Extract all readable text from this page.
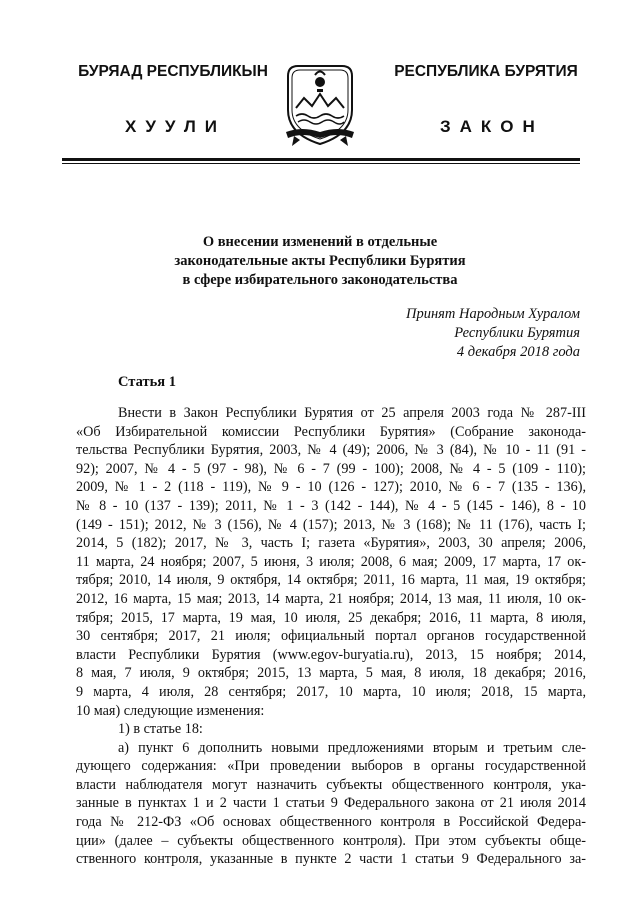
БУРЯАД РЕСПУБЛИКЫН	РЕСПУБЛИКА БУРЯТИЯ
ХУУЛИ	ЗАКОН
О внесении изменений в отдельные
законодательные акты Республики Бурятия
в сфере избирательного законодательства
Принят Народным Хуралом
Республики Бурятия
4 декабря 2018 года
Статья 1
Внести в Закон Республики Бурятия от 25 апреля 2003 года № 287-III
«Об Избирательной комиссии Республики Бурятия» (Собрание законода-
тельства Республики Бурятия, 2003, № 4 (49); 2006, № 3 (84), № 10 - 11 (91 -
92); 2007, № 4 - 5 (97 - 98), № 6 - 7 (99 - 100); 2008, № 4 - 5 (109 - 110);
2009, № 1 - 2 (118 - 119), № 9 - 10 (126 - 127); 2010, № 6 - 7 (135 - 136),
№ 8 - 10 (137 - 139); 2011, № 1 - 3 (142 - 144), № 4 - 5 (145 - 146), 8 - 10
(149 - 151); 2012, № 3 (156), № 4 (157); 2013, № 3 (168); № 11 (176), часть I;
2014, 5 (182); 2017, № 3, часть I; газета «Бурятия», 2003, 30 апреля; 2006,
11 марта, 24 ноября; 2007, 5 июня, 3 июля; 2008, 6 мая; 2009, 17 марта, 17 ок-
тября; 2010, 14 июля, 9 октября, 14 октября; 2011, 16 марта, 11 мая, 19 октября;
2012, 16 марта, 15 мая; 2013, 14 марта, 21 ноября; 2014, 13 мая, 11 июля, 10 ок-
тября; 2015, 17 марта, 19 мая, 10 июля, 25 декабря; 2016, 11 марта, 8 июля,
30 сентября; 2017, 21 июля; официальный портал органов государственной
власти Республики Бурятия (www.egov-buryatia.ru), 2013, 15 ноября; 2014,
8 мая, 7 июля, 9 октября; 2015, 13 марта, 5 мая, 8 июля, 18 декабря; 2016,
9 марта, 4 июля, 28 сентября; 2017, 10 марта, 10 июля; 2018, 15 марта,
10 мая) следующие изменения:
1) в статье 18:
а) пункт 6 дополнить новыми предложениями вторым и третьим сле-
дующего содержания: «При проведении выборов в органы государственной
власти наблюдателя могут назначить субъекты общественного контроля, ука-
занные в пунктах 1 и 2 части 1 статьи 9 Федерального закона от 21 июля 2014
года № 212-ФЗ «Об основах общественного контроля в Российской Федера-
ции» (далее – субъекты общественного контроля). При этом субъекты обще-
ственного контроля, указанные в пункте 2 части 1 статьи 9 Федерального за-
